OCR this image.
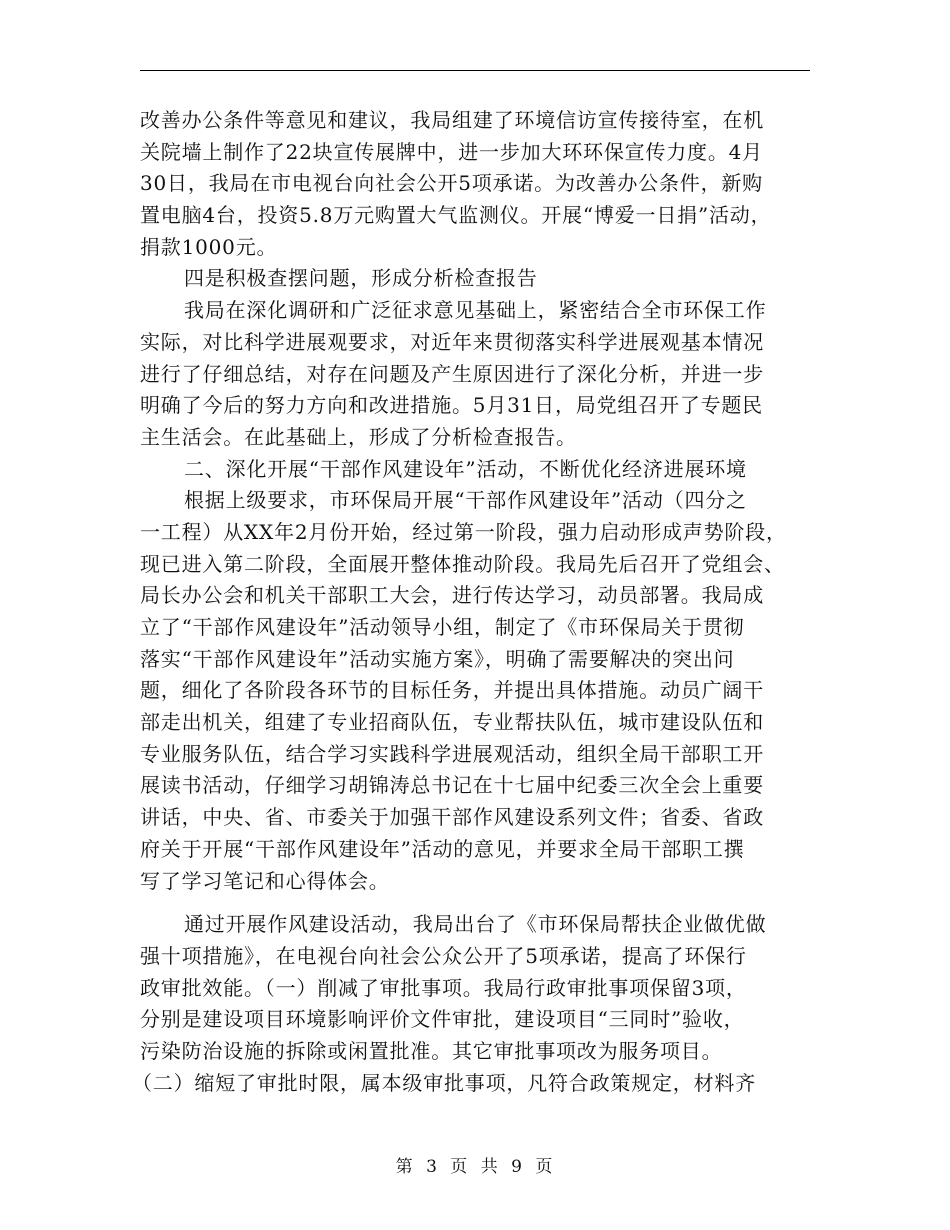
改善办公条件等意见和建议，我局组建了环境信访宣传接待室，在机
关院墙上制作了22块宣传展牌中，进一步加大环环保宣传力度。4月
30日，我局在市电视台向社会公开5项承诺。为改善办公条件，新购
置电脑4台，投资5.8万元购置大气监测仪。开展“博爱一日捐”活动，
捐款1000元。
四是积极查摆问题，形成分析检查报告
我局在深化调研和广泛征求意见基础上，紧密结合全市环保工作
实际，对比科学进展观要求，对近年来贯彻落实科学进展观基本情况
进行了仔细总结，对存在问题及产生原因进行了深化分析，并进一步
明确了今后的努力方向和改进措施。5月31日，局党组召开了专题民
主生活会。在此基础上，形成了分析检查报告。
二、深化开展“干部作风建设年”活动，不断优化经济进展环境
根据上级要求，市环保局开展“干部作风建设年”活动（四分之
一工程）从XX年2月份开始，经过第一阶段，强力启动形成声势阶段，
现已进入第二阶段，全面展开整体推动阶段。我局先后召开了党组会、
局长办公会和机关干部职工大会，进行传达学习，动员部署。我局成
立了“干部作风建设年”活动领导小组，制定了《市环保局关于贯彻
落实“干部作风建设年”活动实施方案》，明确了需要解决的突出问
题，细化了各阶段各环节的目标任务，并提出具体措施。动员广阔干
部走出机关，组建了专业招商队伍，专业帮扶队伍，城市建设队伍和
专业服务队伍，结合学习实践科学进展观活动，组织全局干部职工开
展读书活动，仔细学习胡锦涛总书记在十七届中纪委三次全会上重要
讲话，中央、省、市委关于加强干部作风建设系列文件；省委、省政
府关于开展“干部作风建设年”活动的意见，并要求全局干部职工撰
写了学习笔记和心得体会。
通过开展作风建设活动，我局出台了《市环保局帮扶企业做优做
强十项措施》，在电视台向社会公众公开了5项承诺，提高了环保行
政审批效能。（一）削减了审批事项。我局行政审批事项保留3项，
分别是建设项目环境影响评价文件审批，建设项目“三同时”验收，
污染防治设施的拆除或闲置批准。其它审批事项改为服务项目。
（二）缩短了审批时限，属本级审批事项，凡符合政策规定，材料齐
第 3 页 共 9 页
